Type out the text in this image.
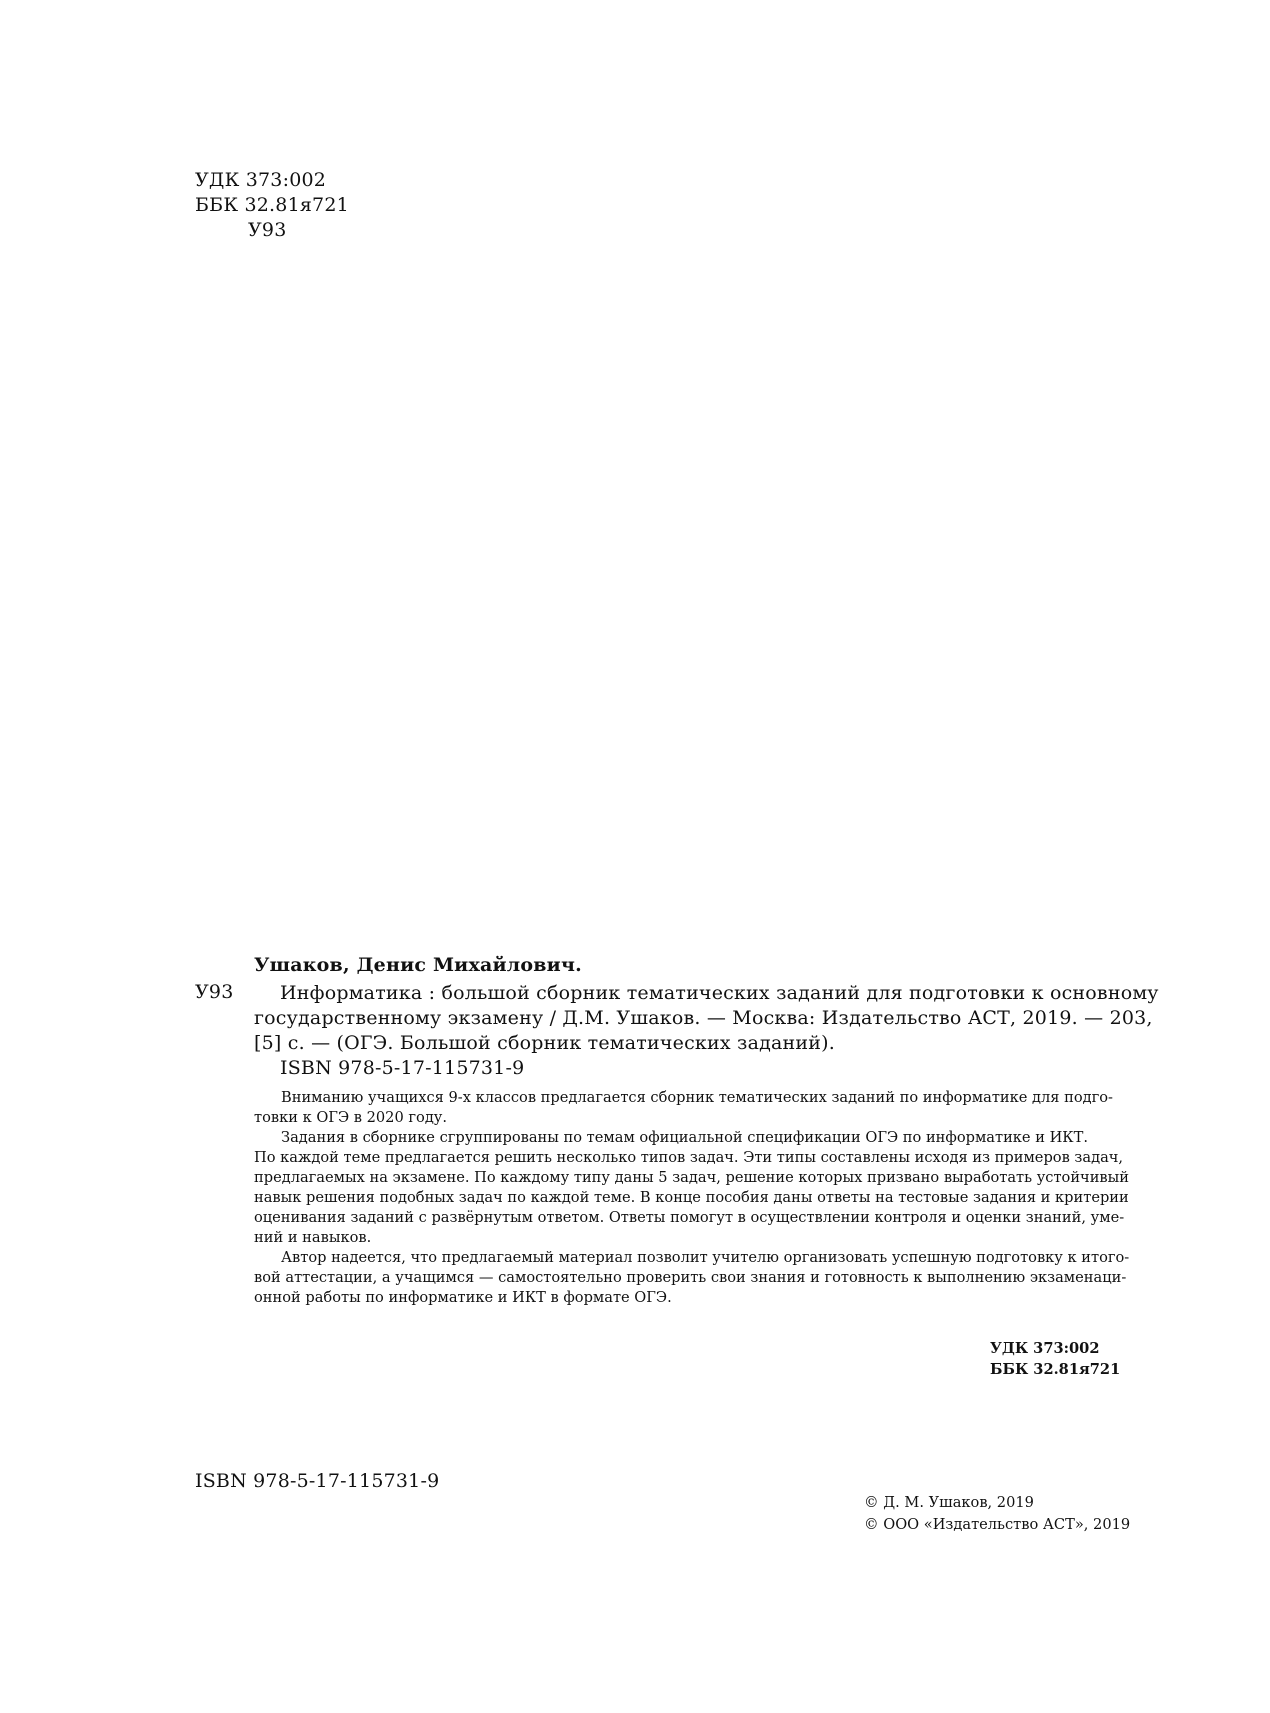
УДК 373:002
ББК 32.81я721
У93
Ушаков, Денис Михайлович.
У93	Информатика : большой сборник тематических заданий для подготовки к основному
государственному экзамену / Д.М. Ушаков. — Москва: Издательство АСТ, 2019. — 203,
[5] с. — (ОГЭ. Большой сборник тематических заданий).
ISBN 978-5-17-115731-9
Вниманию учащихся 9-х классов предлагается сборник тематических заданий по информатике для подго-
товки к ОГЭ в 2020 году.
Задания в сборнике сгруппированы по темам официальной спецификации ОГЭ по информатике и ИКТ.
По каждой теме предлагается решить несколько типов задач. Эти типы составлены исходя из примеров задач,
предлагаемых на экзамене. По каждому типу даны 5 задач, решение которых призвано выработать устойчивый
навык решения подобных задач по каждой теме. В конце пособия даны ответы на тестовые задания и критерии
оценивания заданий с развёрнутым ответом. Ответы помогут в осуществлении контроля и оценки знаний, уме-
ний и навыков.
Автор надеется, что предлагаемый материал позволит учителю организовать успешную подготовку к итого-
вой аттестации, а учащимся — самостоятельно проверить свои знания и готовность к выполнению экзаменаци-
онной работы по информатике и ИКТ в формате ОГЭ.
УДК 373:002
ББК 32.81я721
ISBN 978-5-17-115731-9
© Д. М. Ушаков, 2019
© ООО «Издательство АСТ», 2019
